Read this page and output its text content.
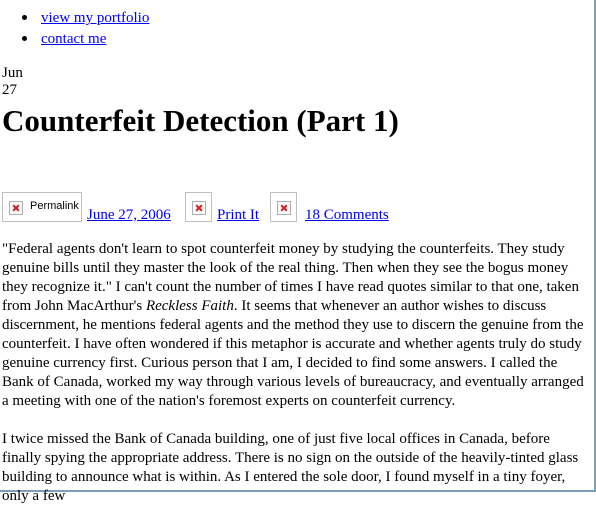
view my portfolio
contact me
Jun
27
Counterfeit Detection (Part 1)
Permalink
June 27, 2006	Print It	18 Comments

"Federal agents don't learn to spot counterfeit money by studying the counterfeits. They study genuine bills until they master the look of the real thing. Then when they see the bogus money they recognize it." I can't count the number of times I have read quotes similar to that one, taken from John MacArthur's Reckless Faith. It seems that whenever an author wishes to discuss discernment, he mentions federal agents and the method they use to discern the genuine from the counterfeit. I have often wondered if this metaphor is accurate and whether agents truly do study genuine currency first. Curious person that I am, I decided to find some answers. I called the Bank of Canada, worked my way through various levels of bureaucracy, and eventually arranged a meeting with one of the nation's foremost experts on counterfeit currency.

I twice missed the Bank of Canada building, one of just five local offices in Canada, before finally spying the appropriate address. There is no sign on the outside of the heavily-tinted glass building to announce what is within. As I entered the sole door, I found myself in a tiny foyer, only a few
